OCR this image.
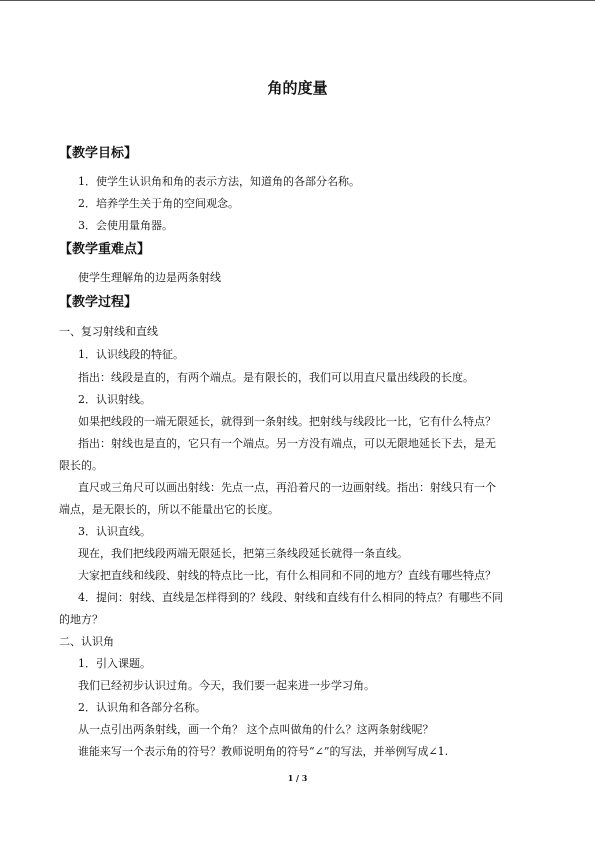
角的度量
【教学目标】
1．使学生认识角和角的表示方法，知道角的各部分名称。
2．培养学生关于角的空间观念。
3．会使用量角器。
【教学重难点】
使学生理解角的边是两条射线
【教学过程】
一、复习射线和直线
1．认识线段的特征。
指出：线段是直的，有两个端点。是有限长的，我们可以用直尺量出线段的长度。
2．认识射线。
如果把线段的一端无限延长，就得到一条射线。把射线与线段比一比，它有什么特点？
指出：射线也是直的，它只有一个端点。另一方没有端点，可以无限地延长下去，是无
限长的。
直尺或三角尺可以画出射线：先点一点，再沿着尺的一边画射线。指出：射线只有一个
端点，是无限长的，所以不能量出它的长度。
3．认识直线。
现在，我们把线段两端无限延长，把第三条线段延长就得一条直线。
大家把直线和线段、射线的特点比一比，有什么相同和不同的地方？直线有哪些特点？
4．提问：射线、直线是怎样得到的？线段、射线和直线有什么相同的特点？有哪些不同
的地方？
二、认识角
1．引入课题。
我们已经初步认识过角。今天，我们要一起来进一步学习角。
2．认识角和各部分名称。
从一点引出两条射线，画一个角？ 这个点叫做角的什么？这两条射线呢？
谁能来写一个表示角的符号？教师说明角的符号“∠”的写法，并举例写成∠1.
1 / 3
